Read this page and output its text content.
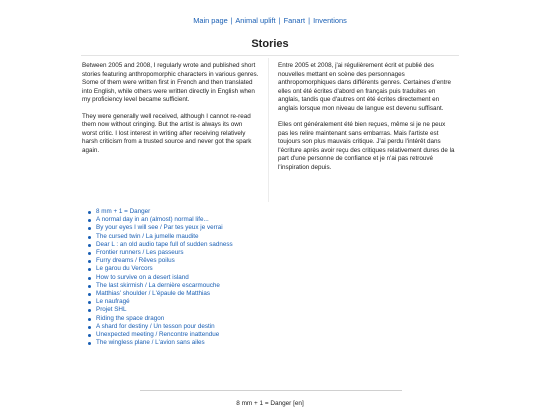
Main page | Animal uplift | Fanart | Inventions
Stories

Between 2005 and 2008, I regularly wrote and published short stories featuring anthropomorphic characters in various genres. Some of them were written first in French and then translated into English, while others were written directly in English when my proficiency level became sufficient.

They were generally well received, although I cannot re-read them now without cringing. But the artist is always its own worst critic. I lost interest in writing after receiving relatively harsh criticism from a trusted source and never got the spark again.

Entre 2005 et 2008, j'ai régulièrement écrit et publié des nouvelles mettant en scène des personnages anthropomorphiques dans différents genres. Certaines d'entre elles ont été écrites d'abord en français puis traduites en anglais, tandis que d'autres ont été écrites directement en anglais lorsque mon niveau de langue est devenu suffisant.

Elles ont généralement été bien reçues, même si je ne peux pas les relire maintenant sans embarras. Mais l'artiste est toujours son plus mauvais critique. J'ai perdu l'intérêt dans l'écriture après avoir reçu des critiques relativement dures de la part d'une personne de confiance et je n'ai pas retrouvé l'inspiration depuis.

8 mm + 1 = Danger
A normal day in an (almost) normal life...
By your eyes I will see / Par tes yeux je verrai
The cursed twin / La jumelle maudite
Dear L : an old audio tape full of sudden sadness
Frontier runners / Les passeurs
Furry dreams / Rêves poilus
Le garou du Vercors
How to survive on a desert island
The last skirmish / La dernière escarmouche
Matthias' shoulder / L'épaule de Matthias
Le naufragé
Projet SHL
Riding the space dragon
A shard for destiny / Un tesson pour destin
Unexpected meeting / Rencontre inattendue
The wingless plane / L'avion sans ailes
8 mm + 1 = Danger [en]
